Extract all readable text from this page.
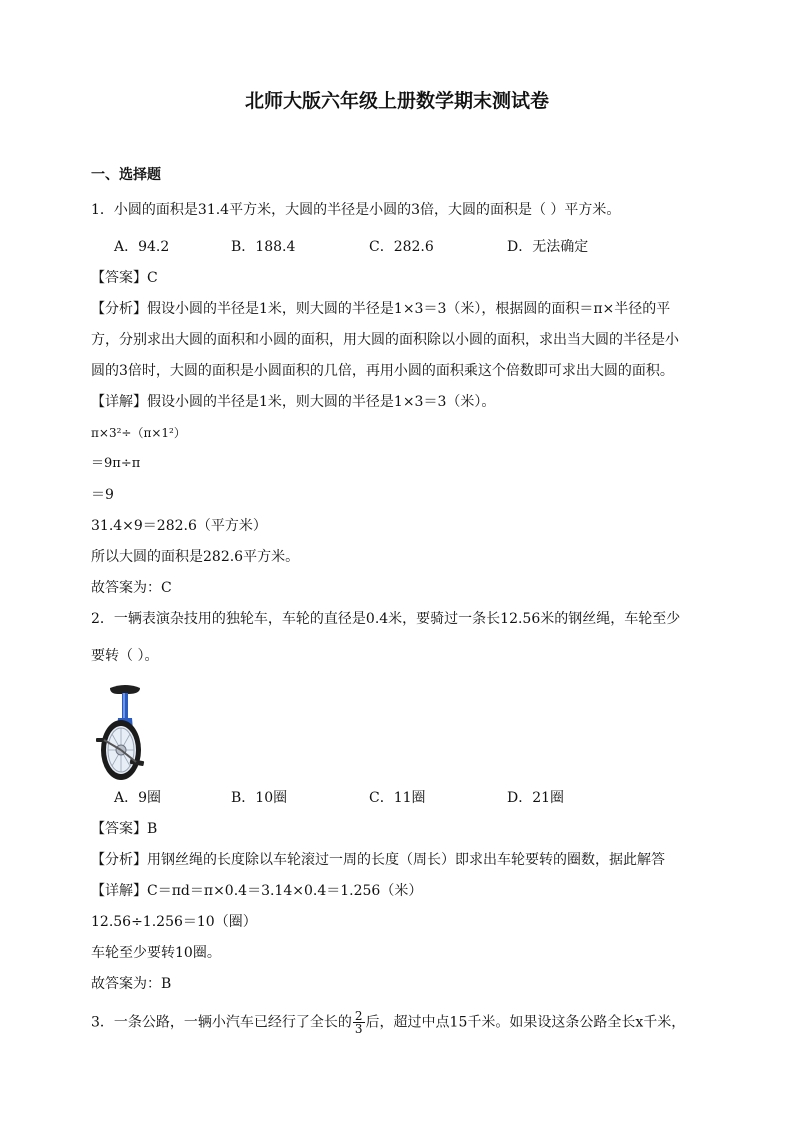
北师大版六年级上册数学期末测试卷
一、选择题
1．小圆的面积是31.4平方米，大圆的半径是小圆的3倍，大圆的面积是（ ）平方米。
A．94.2	B．188.4	C．282.6	D．无法确定
【答案】C
【分析】假设小圆的半径是1米，则大圆的半径是1×3＝3（米），根据圆的面积＝π×半径的平
方，分别求出大圆的面积和小圆的面积，用大圆的面积除以小圆的面积，求出当大圆的半径是小
圆的3倍时，大圆的面积是小圆面积的几倍，再用小圆的面积乘这个倍数即可求出大圆的面积。
【详解】假设小圆的半径是1米，则大圆的半径是1×3＝3（米）。
π×3²÷（π×1²）
＝9π÷π
＝9
31.4×9＝282.6（平方米）
所以大圆的面积是282.6平方米。
故答案为：C
2．一辆表演杂技用的独轮车，车轮的直径是0.4米，要骑过一条长12.56米的钢丝绳，车轮至少
要转（ ）。
A．9圈	B．10圈	C．11圈	D．21圈
【答案】B
【分析】用钢丝绳的长度除以车轮滚过一周的长度（周长）即求出车轮要转的圈数，据此解答
【详解】C＝πd＝π×0.4＝3.14×0.4＝1.256（米）
12.56÷1.256＝10（圈）
车轮至少要转10圈。
故答案为：B
3．一条公路，一辆小汽车已经行了全长的 $\frac{2}{3}$ 后，超过中点15千米。如果设这条公路全长x千米，
